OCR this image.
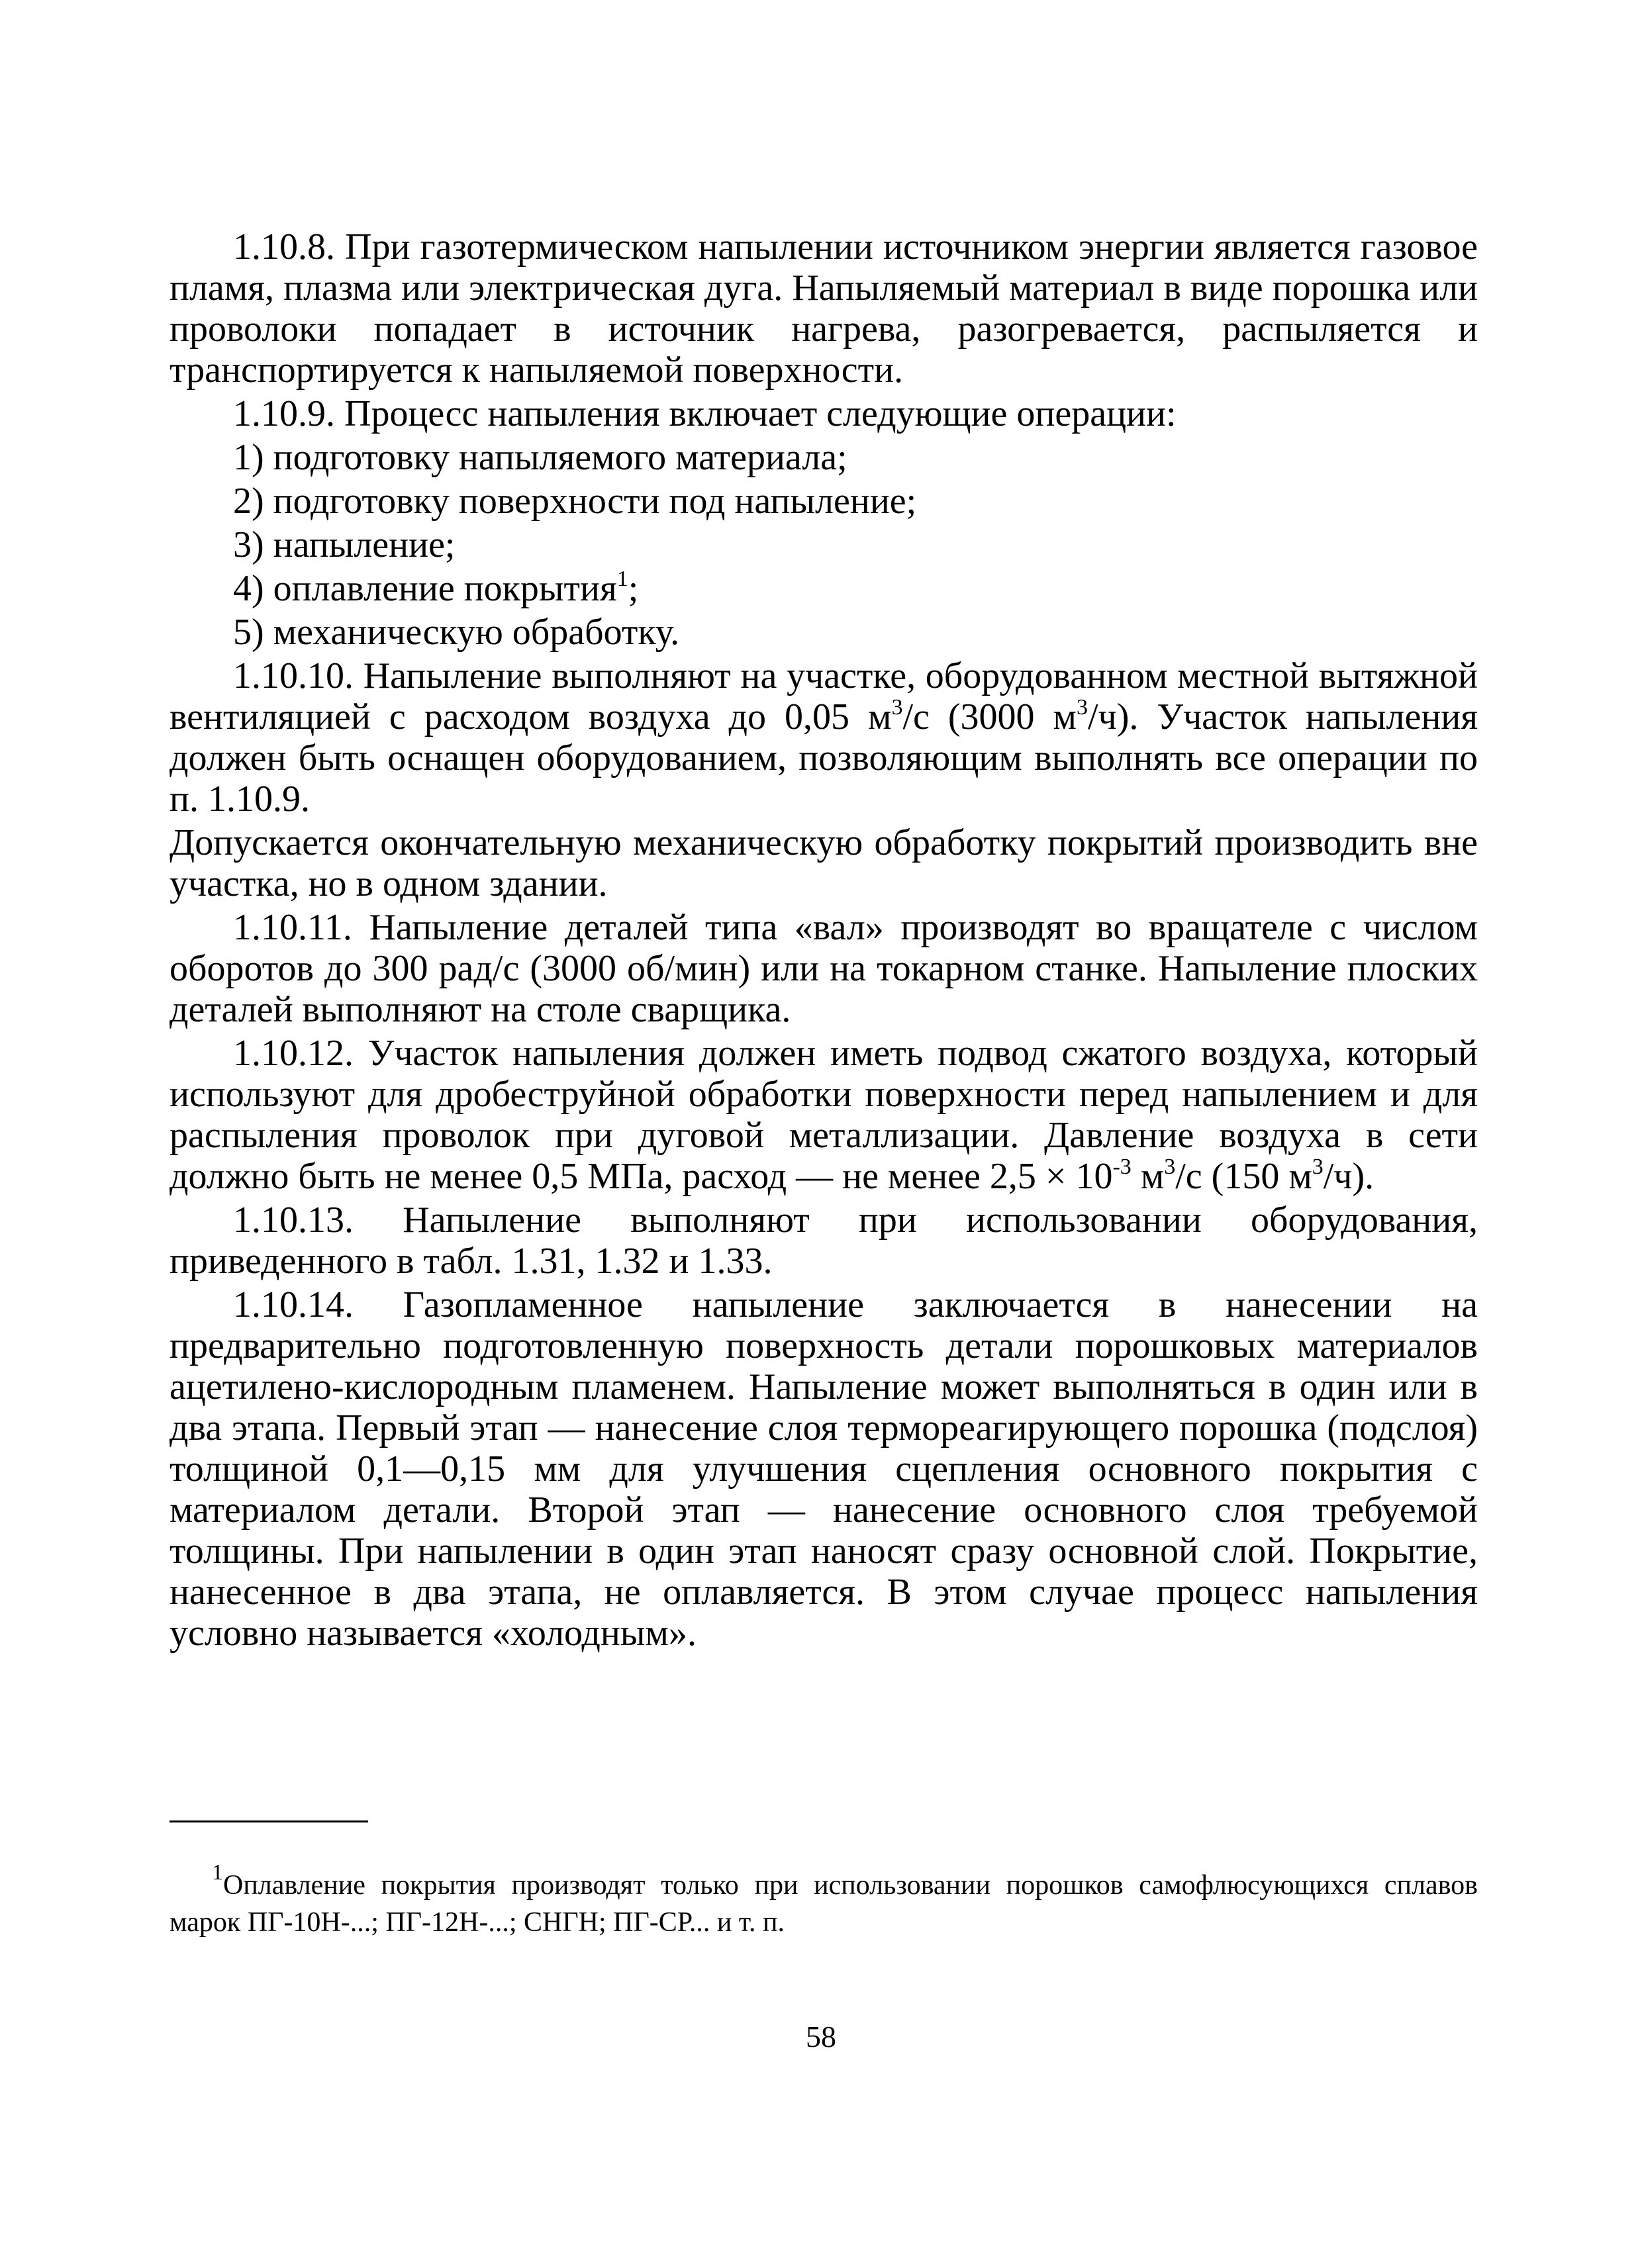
1.10.8. При газотермическом напылении источником энергии является газовое пламя, плазма или электрическая дуга. Напыляемый материал в виде порошка или проволоки попадает в источник нагрева, разогревается, распыляется и транспортируется к напыляемой поверхности.

1.10.9. Процесс напыления включает следующие операции:

1) подготовку напыляемого материала;

2) подготовку поверхности под напыление;

3) напыление;

4) оплавление покрытия$^1$;

5) механическую обработку.

1.10.10. Напыление выполняют на участке, оборудованном местной вытяжной вентиляцией с расходом воздуха до 0,05 $м^3/с$ (3000 $м^3/ч$). Участок напыления должен быть оснащен оборудованием, позволяющим выполнять все операции по п. 1.10.9.

Допускается окончательную механическую обработку покрытий производить вне участка, но в одном здании.

1.10.11. Напыление деталей типа «вал» производят во вращателе с числом оборотов до 300 рад/с (3000 об/мин) или на токарном станке. Напыление плоских деталей выполняют на столе сварщика.

1.10.12. Участок напыления должен иметь подвод сжатого воздуха, который используют для дробеструйной обработки поверхности перед напылением и для распыления проволок при дуговой металлизации. Давление воздуха в сети должно быть не менее 0,5 МПа, расход — не менее $2,5 \times 10^{-3}$ $м^3/с$ (150 $м^3/ч$).

1.10.13. Напыление выполняют при использовании оборудования, приведенного в табл. 1.31, 1.32 и 1.33.

1.10.14. Газопламенное напыление заключается в нанесении на предварительно подготовленную поверхность детали порошковых материалов ацетилено-кислородным пламенем. Напыление может выполняться в один или в два этапа. Первый этап — нанесение слоя термореагирующего порошка (подслоя) толщиной 0,1—0,15 мм для улучшения сцепления основного покрытия с материалом детали. Второй этап — нанесение основного слоя требуемой толщины. При напылении в один этап наносят сразу основной слой. Покрытие, нанесенное в два этапа, не оплавляется. В этом случае процесс напыления условно называется «холодным».

$^1$Оплавление покрытия производят только при использовании порошков самофлюсующихся сплавов марок ПГ-10Н-...; ПГ-12Н-...; СНГН; ПГ-СР... и т. п.

58
